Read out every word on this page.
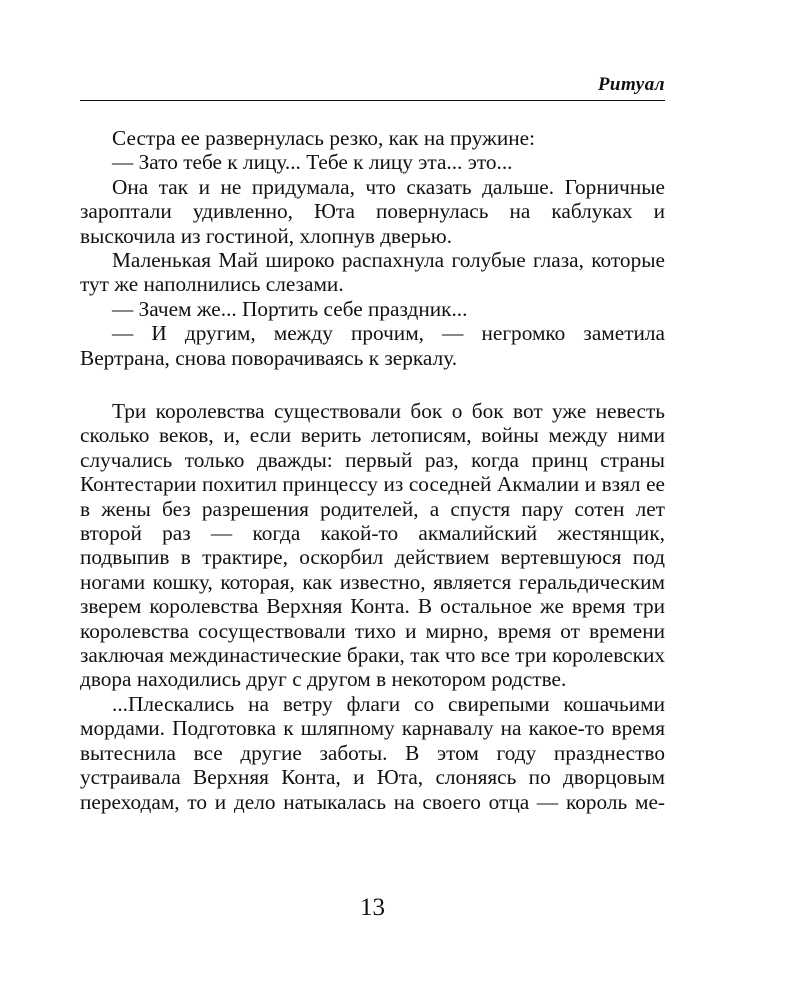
Ритуал

Сестра ее развернулась резко, как на пружине:

— Зато тебе к лицу... Тебе к лицу эта... это...

Она так и не придумала, что сказать дальше. Горничные зароптали удивленно, Юта повернулась на каблуках и выскочила из гостиной, хлопнув дверью.

Маленькая Май широко распахнула голубые глаза, которые тут же наполнились слезами.

— Зачем же... Портить себе праздник...

— И другим, между прочим, — негромко заметила Вертрана, снова поворачиваясь к зеркалу.

Три королевства существовали бок о бок вот уже невесть сколько веков, и, если верить летописям, войны между ними случались только дважды: первый раз, когда принц страны Контестарии похитил принцессу из соседней Акмалии и взял ее в жены без разрешения родителей, а спустя пару сотен лет второй раз — когда какой-то акмалийский жестянщик, подвыпив в трактире, оскорбил действием вертевшуюся под ногами кошку, которая, как известно, является геральдическим зверем королевства Верхняя Конта. В остальное же время три королевства сосуществовали тихо и мирно, время от времени заключая междинастические браки, так что все три королевских двора находились друг с другом в некотором родстве.

...Плескались на ветру флаги со свирепыми кошачьими мордами. Подготовка к шляпному карнавалу на какое-то время вытеснила все другие заботы. В этом году празднество устраивала Верхняя Конта, и Юта, слоняясь по дворцовым переходам, то и дело натыкалась на своего отца — король ме-

13
